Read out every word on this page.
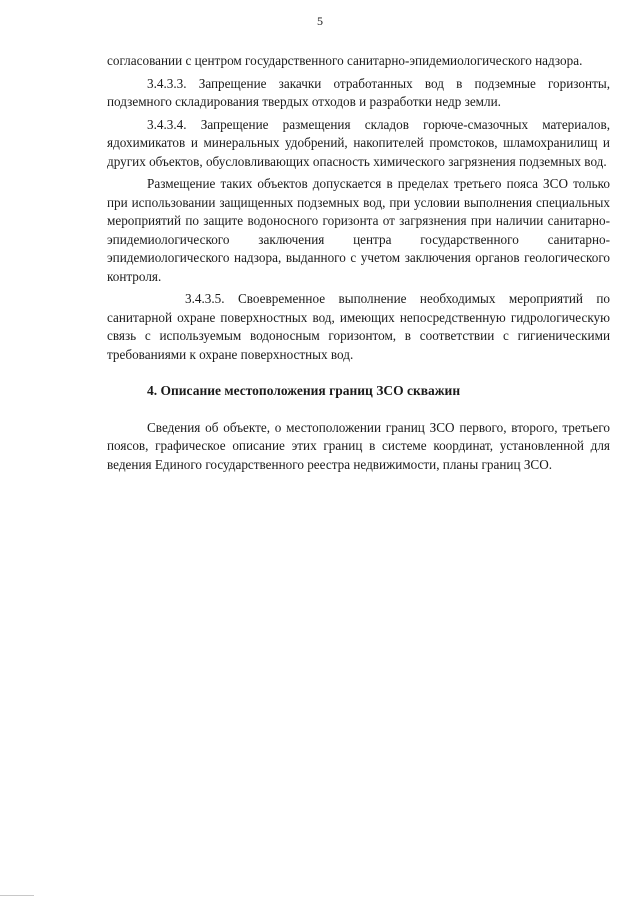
5

согласовании с центром государственного санитарно-эпидемиологического надзора.

3.4.3.3. Запрещение закачки отработанных вод в подземные горизонты, подземного складирования твердых отходов и разработки недр земли.

3.4.3.4. Запрещение размещения складов горюче-смазочных материалов, ядохимикатов и минеральных удобрений, накопителей промстоков, шламохранилищ и других объектов, обусловливающих опасность химического загрязнения подземных вод.

Размещение таких объектов допускается в пределах третьего пояса ЗСО только при использовании защищенных подземных вод, при условии выполнения специальных мероприятий по защите водоносного горизонта от загрязнения при наличии санитарно-эпидемиологического заключения центра государственного санитарно-эпидемиологического надзора, выданного с учетом заключения органов геологического контроля.

3.4.3.5. Своевременное выполнение необходимых мероприятий по санитарной охране поверхностных вод, имеющих непосредственную гидрологическую связь с используемым водоносным горизонтом, в соответствии с гигиеническими требованиями к охране поверхностных вод.

4. Описание местоположения границ ЗСО скважин

Сведения об объекте, о местоположении границ ЗСО первого, второго, третьего поясов, графическое описание этих границ в системе координат, установленной для ведения Единого государственного реестра недвижимости, планы границ ЗСО.
